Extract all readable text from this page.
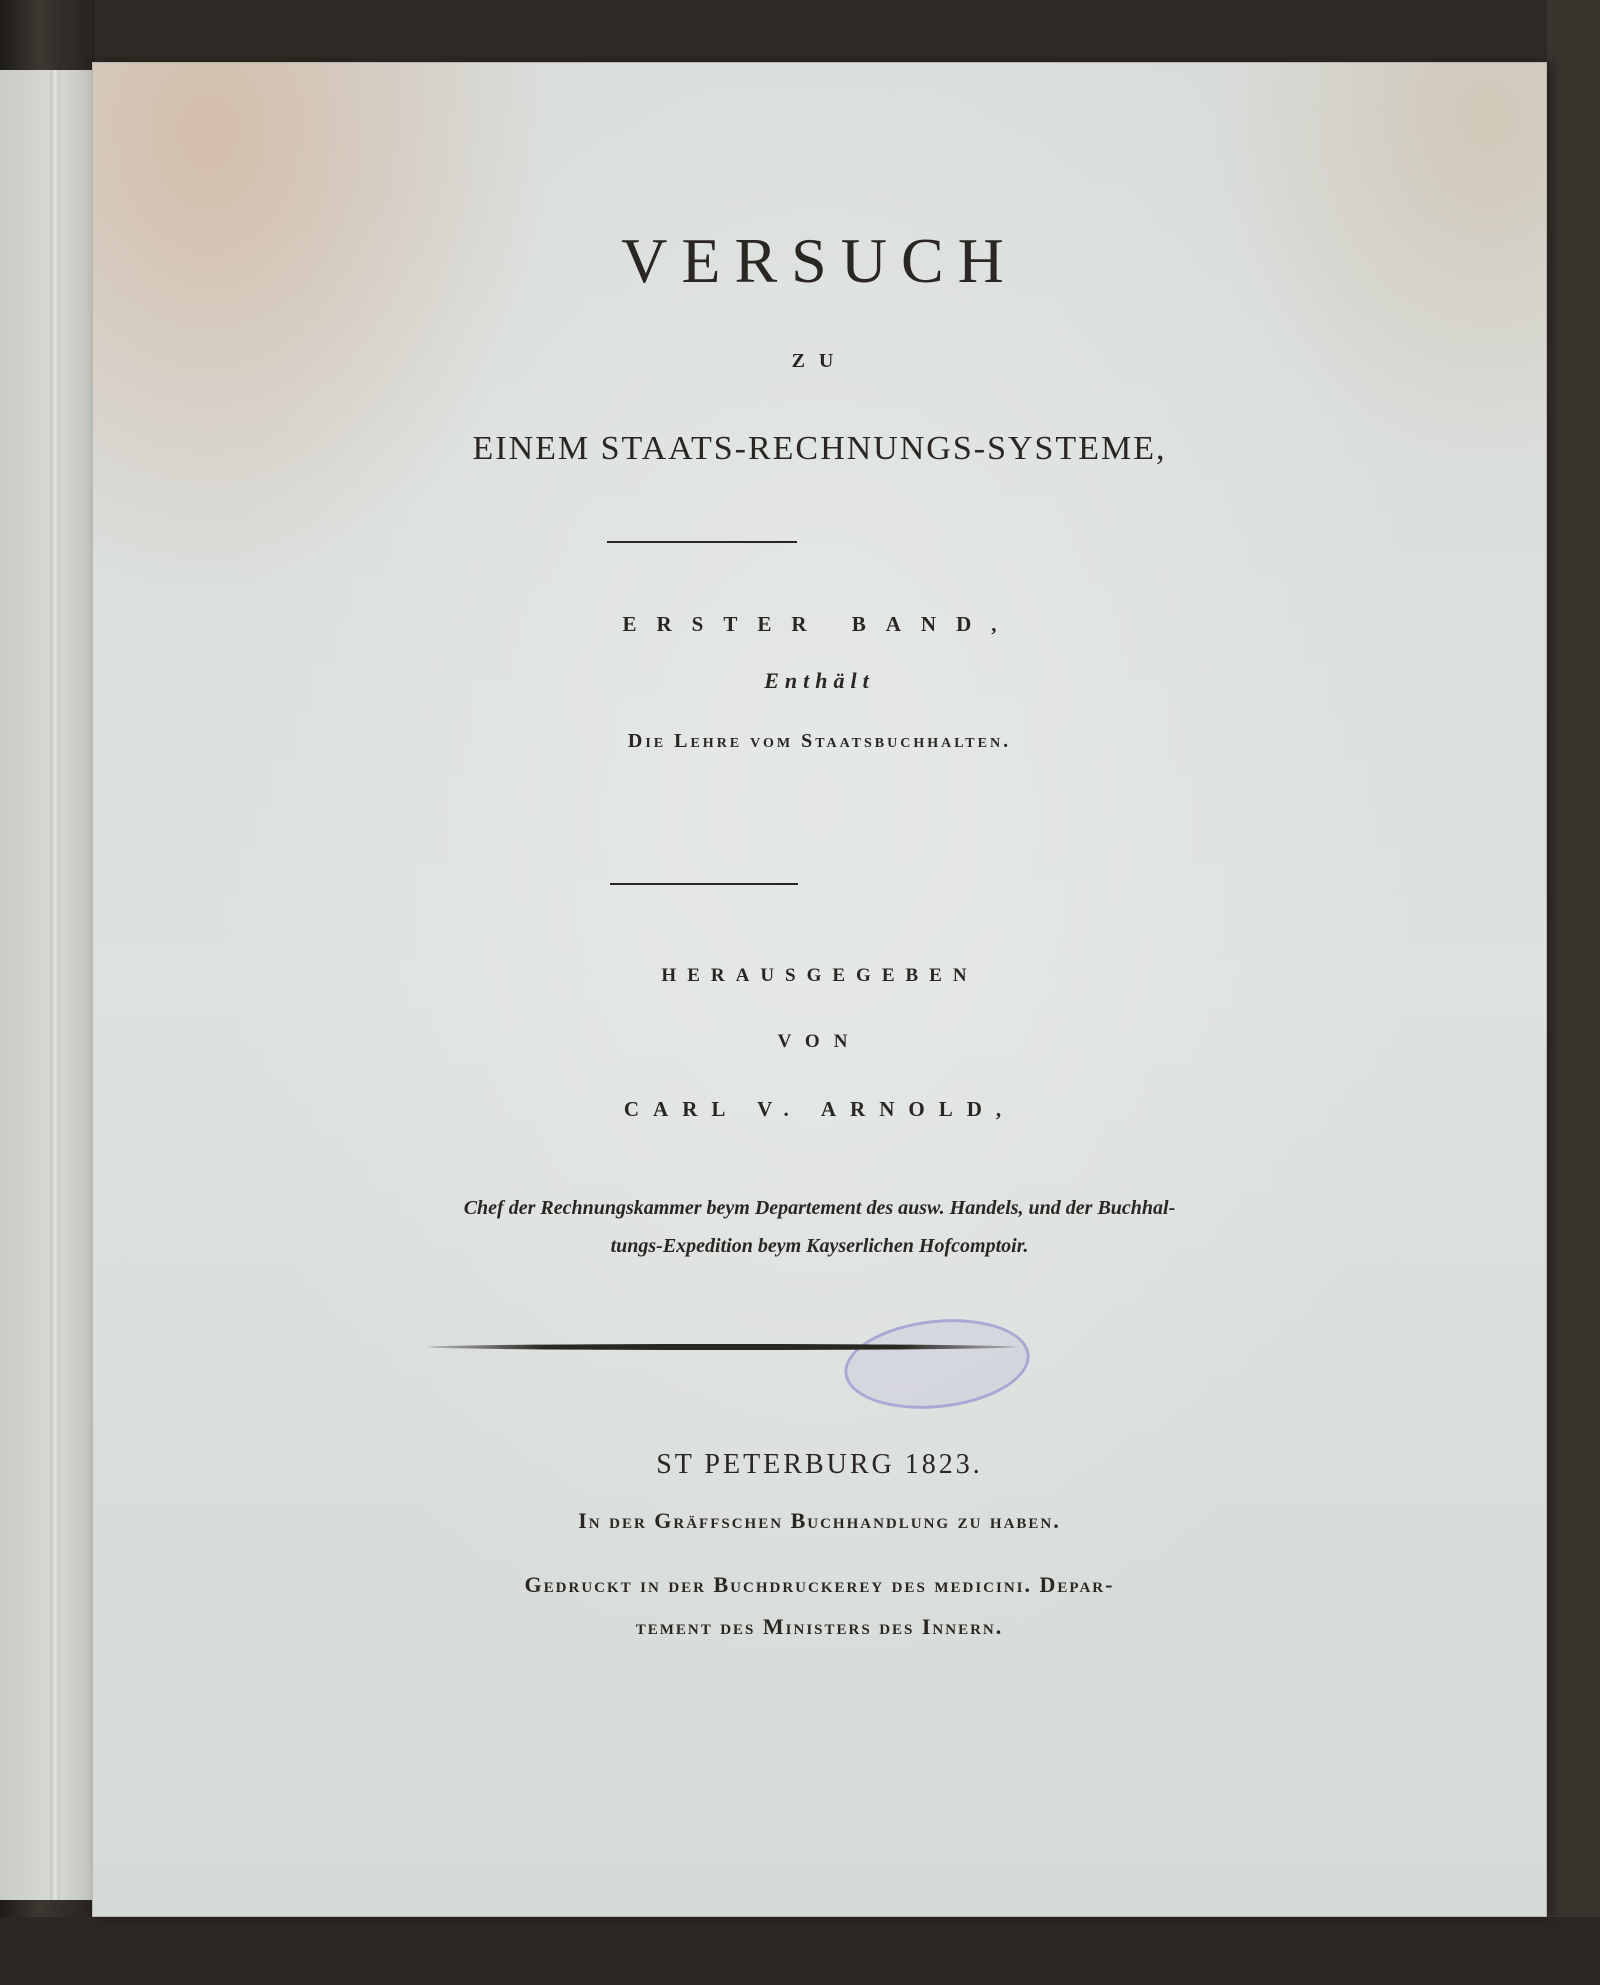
VERSUCH
ZU
EINEM STAATS-RECHNUNGS-SYSTEME,
ERSTER BAND,
Enthält
Die Lehre vom Staatsbuchhalten.
HERAUSGEGEBEN
VON
CARL V. ARNOLD,
Chef der Rechnungskammer beym Departement des ausw. Handels, und der Buchhal-
tungs-Expedition beym Kayserlichen Hofcomptoir.
ST PETERBURG 1823.
In der Gräffschen Buchhandlung zu haben.
Gedruckt in der Buchdruckerey des medicini. Depar-
tement des Ministers des Innern.
